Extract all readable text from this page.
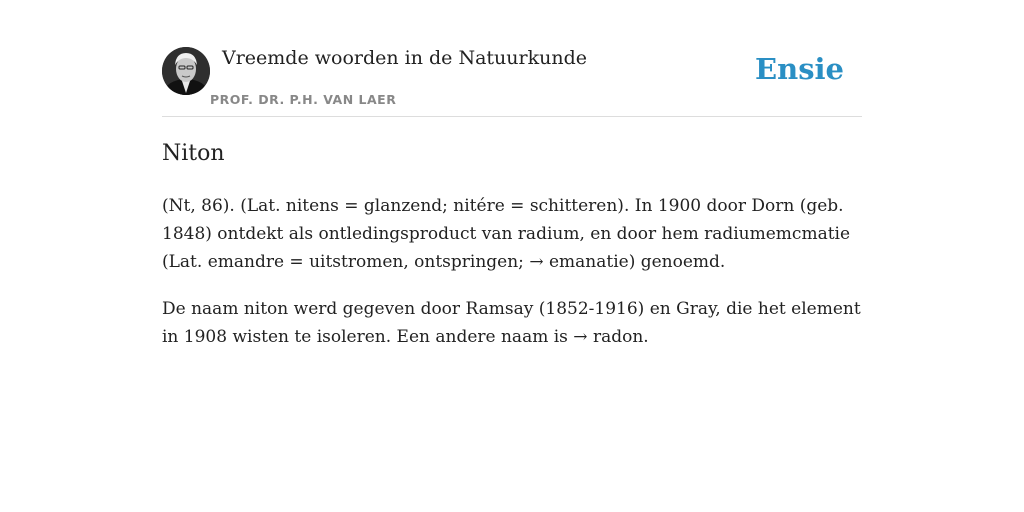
Vreemde woorden in de Natuurkunde
PROF. DR. P.H. VAN LAER
Ensie
Niton

(Nt, 86). (Lat. nitens = glanzend; nitére = schitteren). In 1900 door Dorn (geb. 1848) ontdekt als ontledingsproduct van radium, en door hem radiumemcmatie (Lat. emandre = uitstromen, ontspringen; → emanatie) genoemd.

De naam niton werd gegeven door Ramsay (1852-1916) en Gray, die het element in 1908 wisten te isoleren. Een andere naam is → radon.
